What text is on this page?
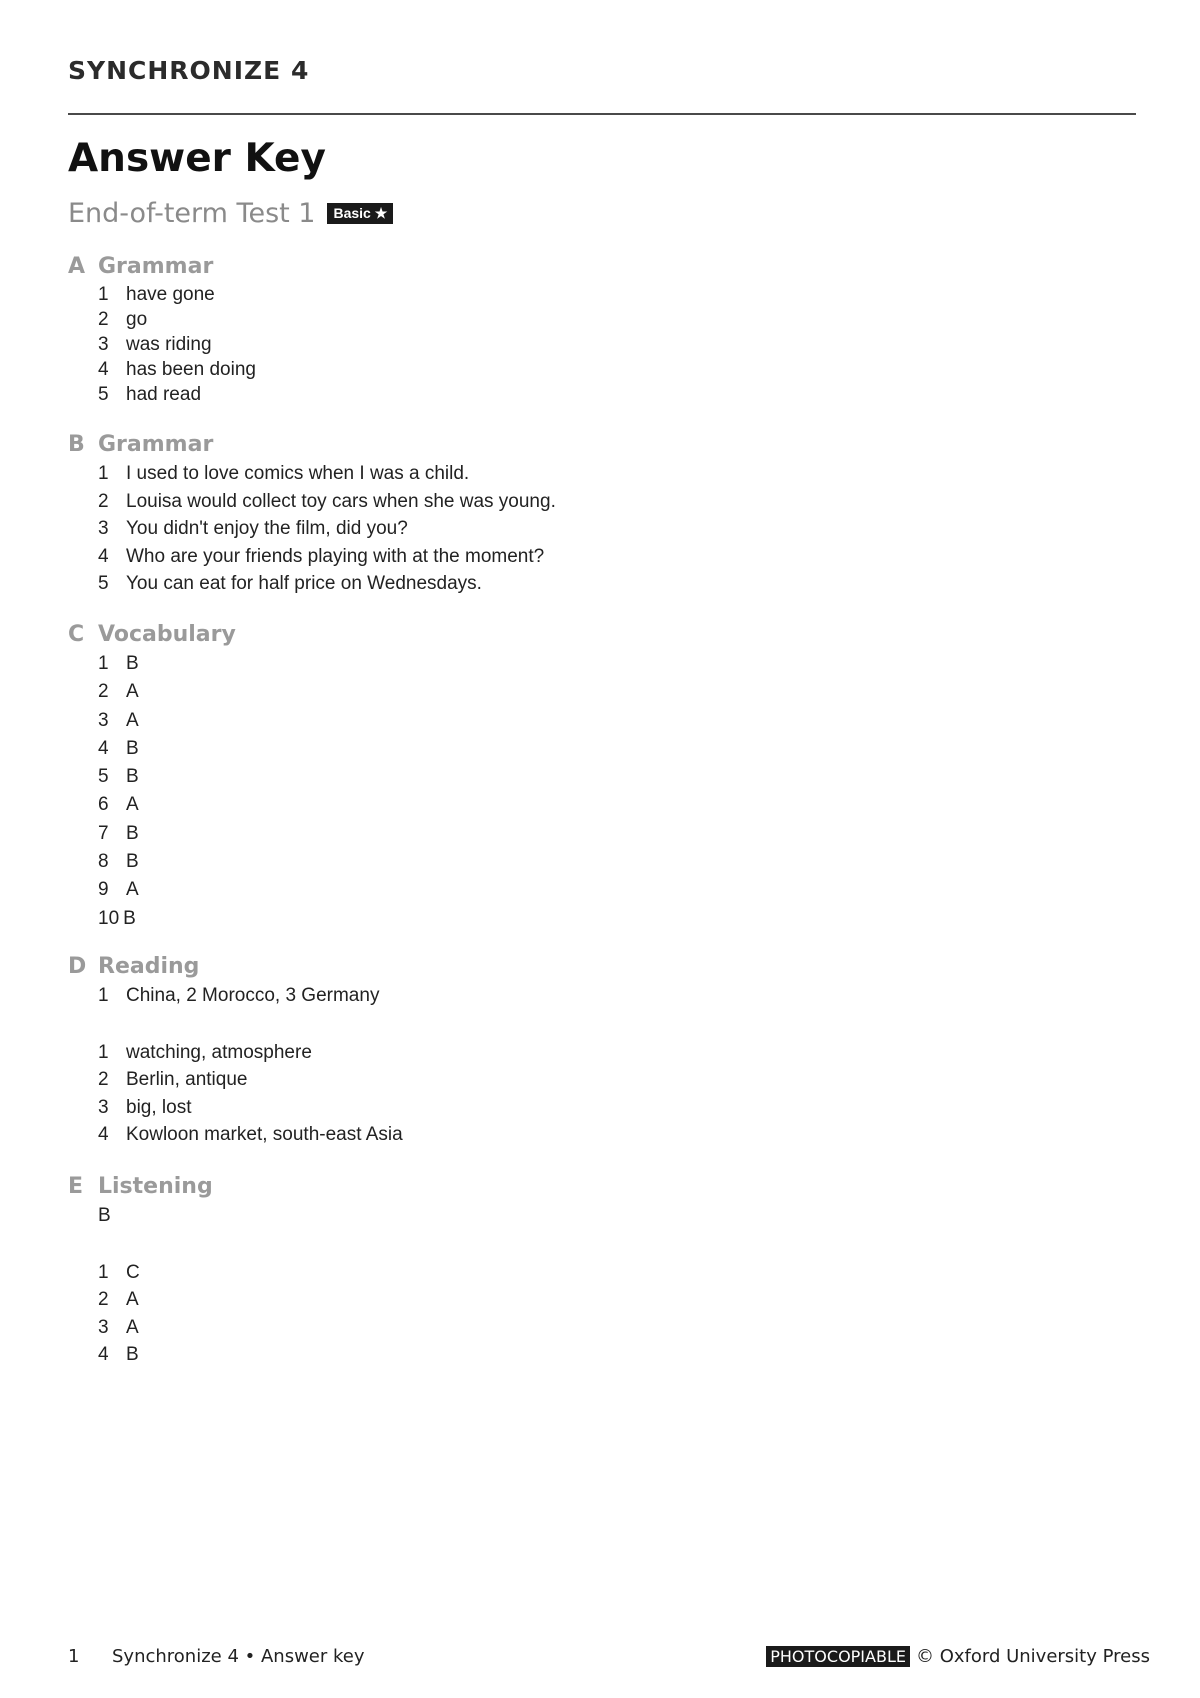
SYNCHRONIZE 4
Answer Key
End-of-term Test 1	Basic ★
A Grammar
1 have gone
2 go
3 was riding
4 has been doing
5 had read
B Grammar
1 I used to love comics when I was a child.
2 Louisa would collect toy cars when she was young.
3 You didn't enjoy the film, did you?
4 Who are your friends playing with at the moment?
5 You can eat for half price on Wednesdays.
C Vocabulary
1 B
2 A
3 A
4 B
5 B
6 A
7 B
8 B
9 A
10 B
D Reading
1 China, 2 Morocco, 3 Germany
1 watching, atmosphere
2 Berlin, antique
3 big, lost
4 Kowloon market, south-east Asia
E Listening
B
1 C
2 A
3 A
4 B
1 Synchronize 4 • Answer key	PHOTOCOPIABLE © Oxford University Press
